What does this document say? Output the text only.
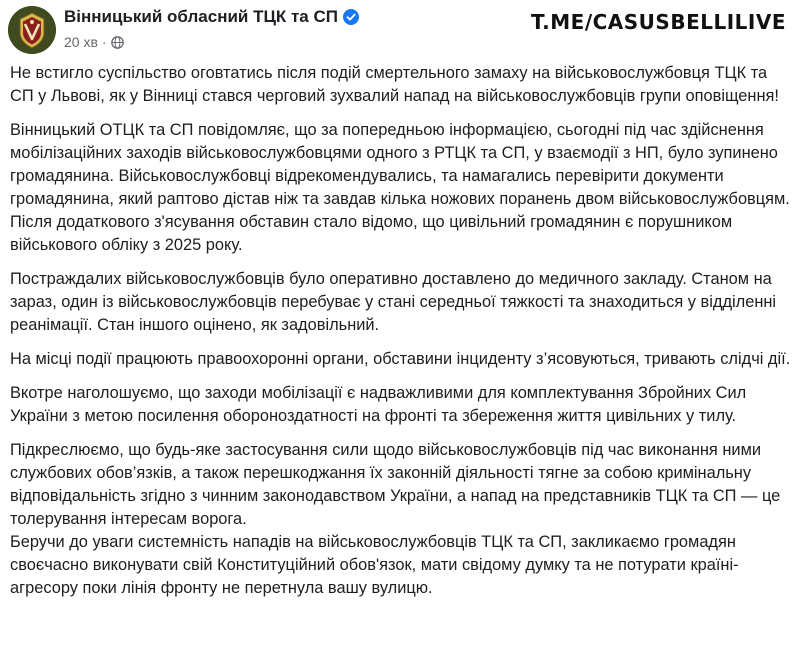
Вінницький обласний ТЦК та СП
20 хв ·
T.ME/CASUSBELLILIVE

Не встигло суспільство оговтатись після подій смертельного замаху на військовослужбовця ТЦК та СП у Львові, як у Вінниці стався черговий зухвалий напад на військовослужбовців групи оповіщення!

Вінницький ОТЦК та СП повідомляє, що за попередньою інформацією, сьогодні під час здійснення мобілізаційних заходів військовослужбовцями одного з РТЦК та СП, у взаємодії з НП, було зупинено громадянина. Військовослужбовці відрекомендувались, та намагались перевірити документи громадянина, який раптово дістав ніж та завдав кілька ножових поранень двом військовослужбовцям.

Після додаткового з'ясування обставин стало відомо, що цивільний громадянин є порушником військового обліку з 2025 року.

Постраждалих військовослужбовців було оперативно доставлено до медичного закладу. Станом на зараз, один із військовослужбовців перебуває у стані середньої тяжкості та знаходиться у відділенні реанімації. Стан іншого оцінено, як задовільний.

На місці події працюють правоохоронні органи, обставини інциденту з’ясовуються, тривають слідчі дії.

Вкотре наголошуємо, що заходи мобілізації є надважливими для комплектування Збройних Сил України з метою посилення обороноздатності на фронті та збереження життя цивільних у тилу.

Підкреслюємо, що будь-яке застосування сили щодо військовослужбовців під час виконання ними службових обов’язків, а також перешкоджання їх законній діяльності тягне за собою кримінальну відповідальність згідно з чинним законодавством України, а напад на представників ТЦК та СП — це толерування інтересам ворога.

Беручи до уваги системність нападів на військовослужбовців ТЦК та СП, закликаємо громадян своєчасно виконувати свій Конституційний обов'язок, мати свідому думку та не потурати країні-агресору поки лінія фронту не перетнула вашу вулицю.
